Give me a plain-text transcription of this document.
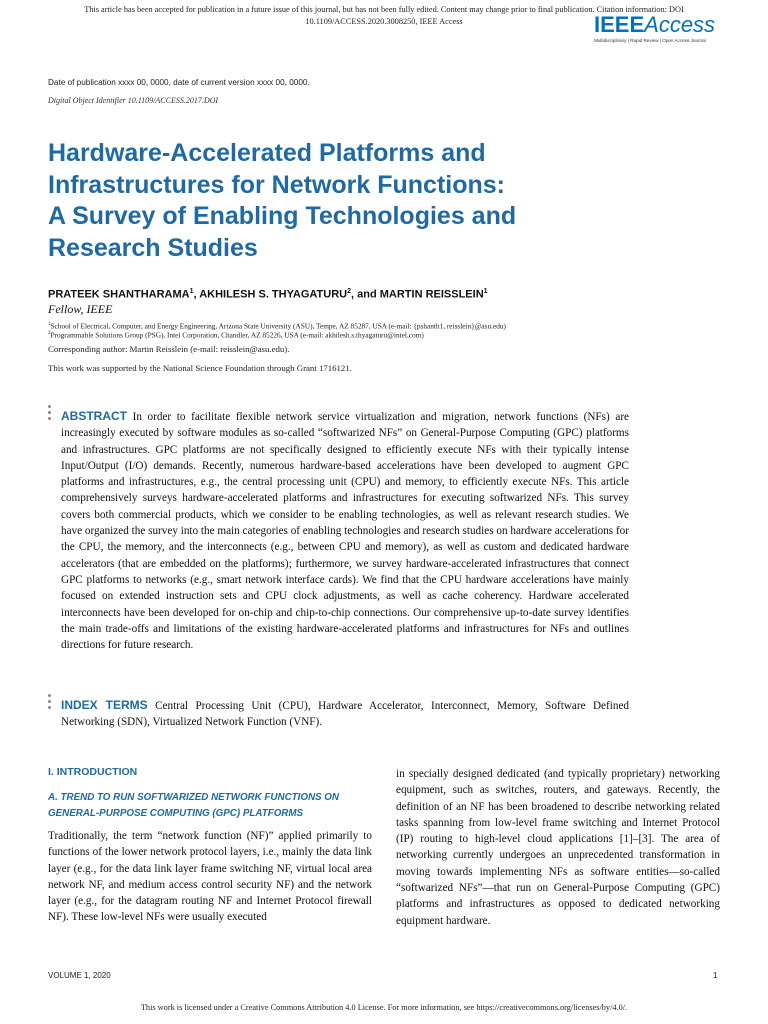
This article has been accepted for publication in a future issue of this journal, but has not been fully edited. Content may change prior to final publication. Citation information: DOI
10.1109/ACCESS.2020.3008250, IEEE Access	IEEEAccess
Multidisciplinary | Rapid Review | Open Access Journal
Date of publication xxxx 00, 0000, date of current version xxxx 00, 0000.
Digital Object Identifier 10.1109/ACCESS.2017.DOI
Hardware-Accelerated Platforms and
Infrastructures for Network Functions:
A Survey of Enabling Technologies and
Research Studies
PRATEEK SHANTHARAMA$^1$, AKHILESH S. THYAGATURU$^2$, and MARTIN REISSLEIN$^1$
Fellow, IEEE
$^1$School of Electrical, Computer, and Energy Engineering, Arizona State University (ASU), Tempe, AZ 85287, USA (e-mail: {pshanth1, reisslein}@asu.edu)
$^2$Programmable Solutions Group (PSG), Intel Corporation, Chandler, AZ 85226, USA (e-mail: akhilesh.s.thyagaturu@intel.com)
Corresponding author: Martin Reisslein (e-mail: reisslein@asu.edu).
This work was supported by the National Science Foundation through Grant 1716121.
ABSTRACT In order to facilitate flexible network service virtualization and migration, network functions (NFs) are increasingly executed by software modules as so-called “softwarized NFs” on General-Purpose Computing (GPC) platforms and infrastructures. GPC platforms are not specifically designed to efficiently execute NFs with their typically intense Input/Output (I/O) demands. Recently, numerous hardware-based accelerations have been developed to augment GPC platforms and infrastructures, e.g., the central processing unit (CPU) and memory, to efficiently execute NFs. This article comprehensively surveys hardware-accelerated platforms and infrastructures for executing softwarized NFs. This survey covers both commercial products, which we consider to be enabling technologies, as well as relevant research studies. We have organized the survey into the main categories of enabling technologies and research studies on hardware accelerations for the CPU, the memory, and the interconnects (e.g., between CPU and memory), as well as custom and dedicated hardware accelerators (that are embedded on the platforms); furthermore, we survey hardware-accelerated infrastructures that connect GPC platforms to networks (e.g., smart network interface cards). We find that the CPU hardware accelerations have mainly focused on extended instruction sets and CPU clock adjustments, as well as cache coherency. Hardware accelerated interconnects have been developed for on-chip and chip-to-chip connections. Our comprehensive up-to-date survey identifies the main trade-offs and limitations of the existing hardware-accelerated platforms and infrastructures for NFs and outlines directions for future research.
INDEX TERMS Central Processing Unit (CPU), Hardware Accelerator, Interconnect, Memory, Software Defined Networking (SDN), Virtualized Network Function (VNF).
I. INTRODUCTION
A. TREND TO RUN SOFTWARIZED NETWORK FUNCTIONS ON GENERAL-PURPOSE COMPUTING (GPC) PLATFORMS

Traditionally, the term “network function (NF)” applied primarily to functions of the lower network protocol layers, i.e., mainly the data link layer (e.g., for the data link layer frame switching NF, virtual local area network NF, and medium access control security NF) and the network layer (e.g., for the datagram routing NF and Internet Protocol firewall NF). These low-level NFs were usually executed

in specially designed dedicated (and typically proprietary) networking equipment, such as switches, routers, and gateways. Recently, the definition of an NF has been broadened to describe networking related tasks spanning from low-level frame switching and Internet Protocol (IP) routing to high-level cloud applications [1]–[3]. The area of networking currently undergoes an unprecedented transformation in moving towards implementing NFs as software entities—so-called “softwarized NFs”—that run on General-Purpose Computing (GPC) platforms and infrastructures as opposed to dedicated networking equipment hardware.

VOLUME 1, 2020	1
This work is licensed under a Creative Commons Attribution 4.0 License. For more information, see https://creativecommons.org/licenses/by/4.0/.
